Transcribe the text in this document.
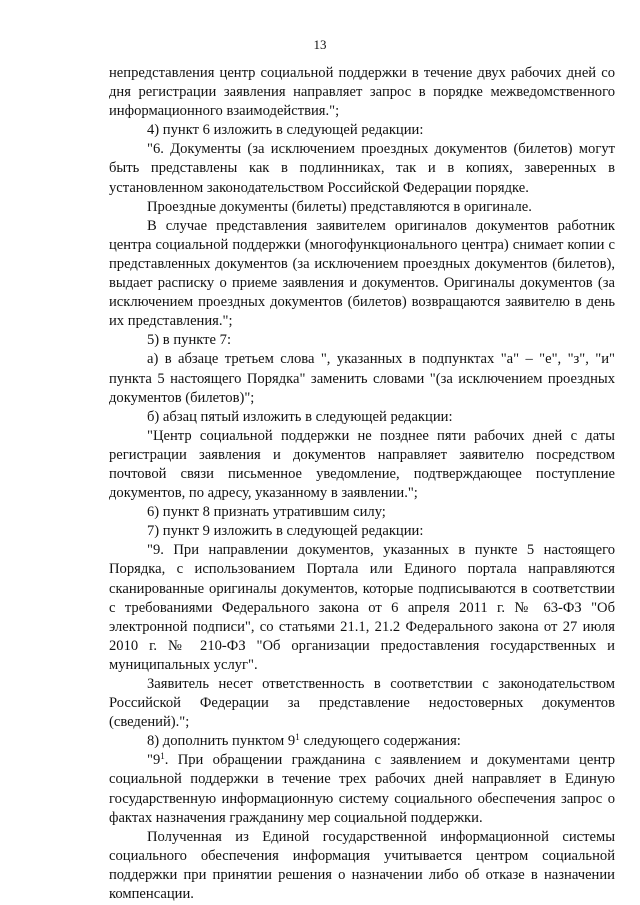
13

непредставления центр социальной поддержки в течение двух рабочих дней со дня регистрации заявления направляет запрос в порядке межведомственного информационного взаимодействия.";

4) пункт 6 изложить в следующей редакции:

"6. Документы (за исключением проездных документов (билетов) могут быть представлены как в подлинниках, так и в копиях, заверенных в установленном законодательством Российской Федерации порядке.

Проездные документы (билеты) представляются в оригинале.

В случае представления заявителем оригиналов документов работник центра социальной поддержки (многофункционального центра) снимает копии с представленных документов (за исключением проездных документов (билетов), выдает расписку о приеме заявления и документов. Оригиналы документов (за исключением проездных документов (билетов) возвращаются заявителю в день их представления.";

5) в пункте 7:

а) в абзаце третьем слова ", указанных в подпунктах "а" – "е", "з", "и" пункта 5 настоящего Порядка" заменить словами "(за исключением проездных документов (билетов)";

б) абзац пятый изложить в следующей редакции:

"Центр социальной поддержки не позднее пяти рабочих дней с даты регистрации заявления и документов направляет заявителю посредством почтовой связи письменное уведомление, подтверждающее поступление документов, по адресу, указанному в заявлении.";

6) пункт 8 признать утратившим силу;

7) пункт 9 изложить в следующей редакции:

"9. При направлении документов, указанных в пункте 5 настоящего Порядка, с использованием Портала или Единого портала направляются сканированные оригиналы документов, которые подписываются в соответствии с требованиями Федерального закона от 6 апреля 2011 г. № 63-ФЗ "Об электронной подписи", со статьями 21.1, 21.2 Федерального закона от 27 июля 2010 г. № 210-ФЗ "Об организации предоставления государственных и муниципальных услуг".

Заявитель несет ответственность в соответствии с законодательством Российской Федерации за представление недостоверных документов (сведений).";

8) дополнить пунктом $9^1$ следующего содержания:

"$9^1$. При обращении гражданина с заявлением и документами центр социальной поддержки в течение трех рабочих дней направляет в Единую государственную информационную систему социального обеспечения запрос о фактах назначения гражданину мер социальной поддержки.

Полученная из Единой государственной информационной системы социального обеспечения информация учитывается центром социальной поддержки при принятии решения о назначении либо об отказе в назначении компенсации.
